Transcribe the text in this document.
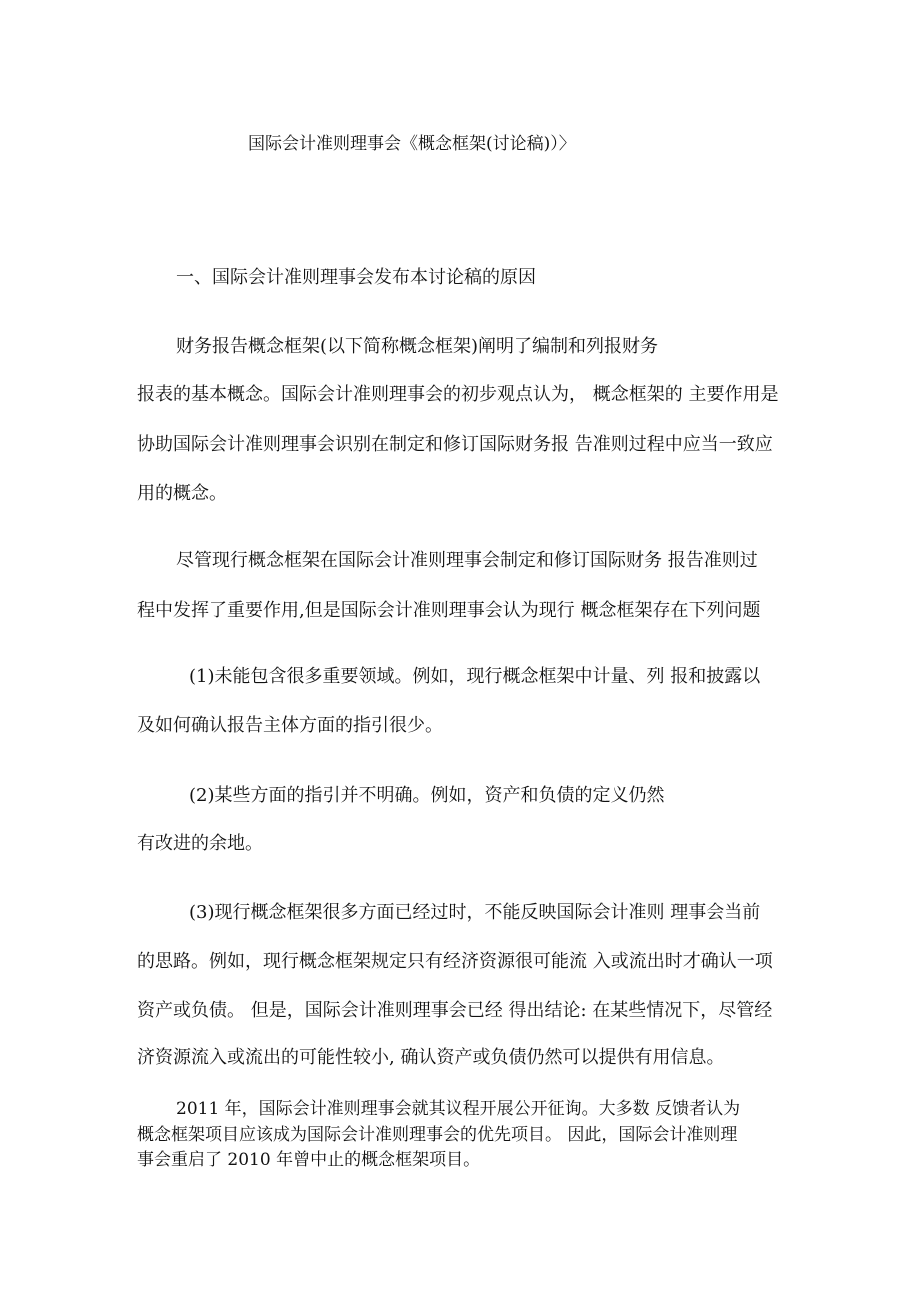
国际会计准则理事会《概念框架(讨论稿)）〉
一、国际会计准则理事会发布本讨论稿的原因
财务报告概念框架(以下简称概念框架)阐明了编制和列报财务
报表的基本概念。国际会计准则理事会的初步观点认为， 概念框架的 主要作用是
协助国际会计准则理事会识别在制定和修订国际财务报 告准则过程中应当一致应
用的概念。
尽管现行概念框架在国际会计准则理事会制定和修订国际财务 报告准则过
程中发挥了重要作用,但是国际会计准则理事会认为现行 概念框架存在下列问题
(1)未能包含很多重要领域。例如，现行概念框架中计量、列 报和披露以
及如何确认报告主体方面的指引很少。
(2)某些方面的指引并不明确。例如，资产和负债的定义仍然
有改进的余地。
(3)现行概念框架很多方面已经过时，不能反映国际会计准则 理事会当前
的思路。例如，现行概念框架规定只有经济资源很可能流 入或流出时才确认一项
资产或负债。 但是，国际会计准则理事会已经 得出结论: 在某些情况下，尽管经
济资源流入或流出的可能性较小, 确认资产或负债仍然可以提供有用信息。
2011 年，国际会计准则理事会就其议程开展公开征询。大多数 反馈者认为
概念框架项目应该成为国际会计准则理事会的优先项目。 因此，国际会计准则理
事会重启了 2010 年曾中止的概念框架项目。
